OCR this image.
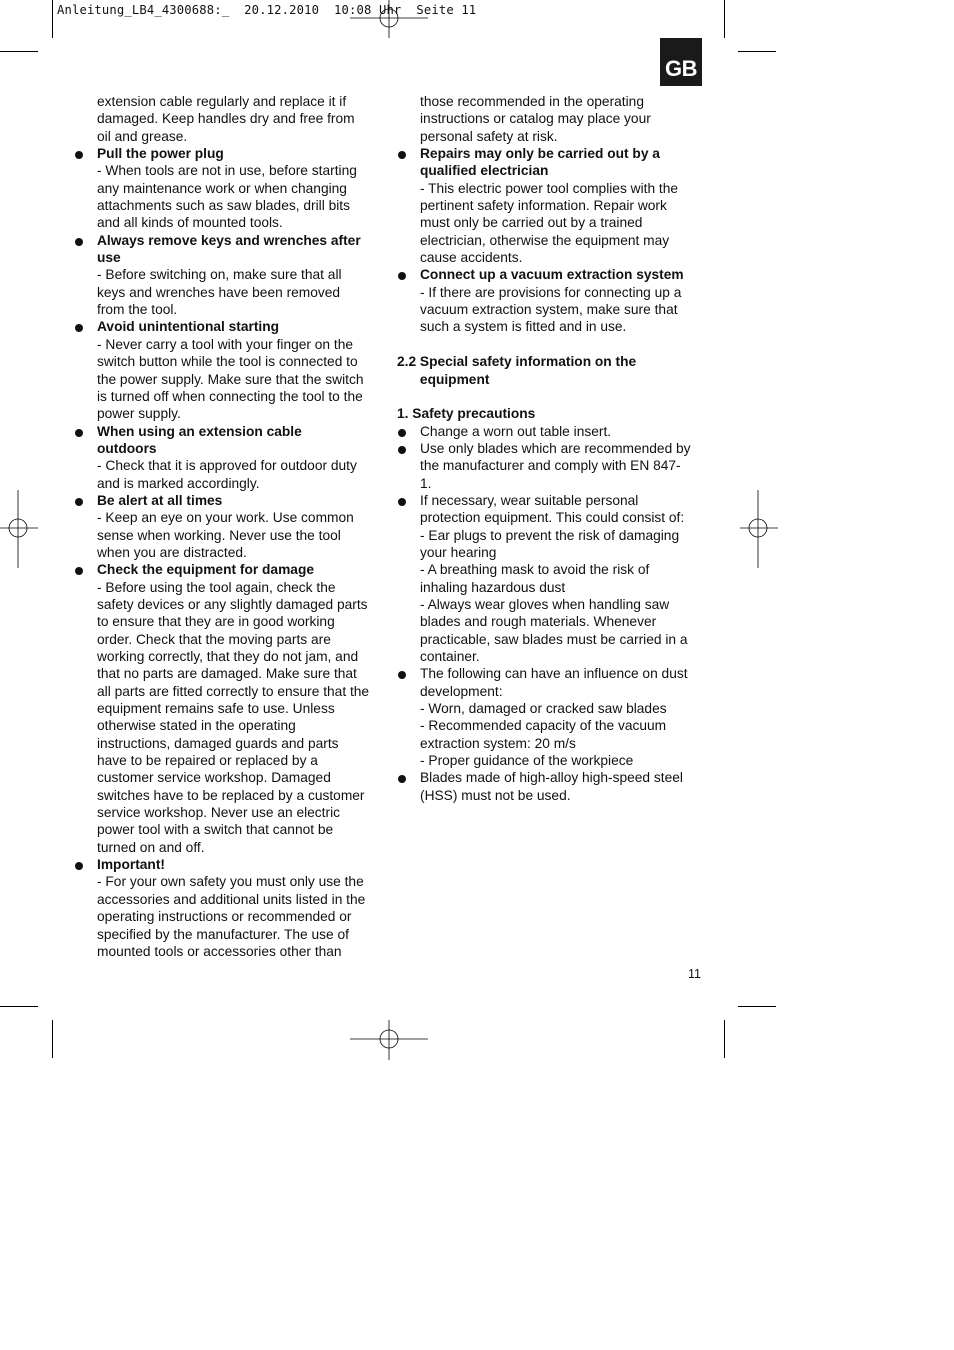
Anleitung_LB4_4300688:_  20.12.2010  10:08 Uhr  Seite 11
GB
extension cable regularly and replace it if
damaged. Keep handles dry and free from
oil and grease.
Pull the power plug
- When tools are not in use, before starting
any maintenance work or when changing
attachments such as saw blades, drill bits
and all kinds of mounted tools.
Always remove keys and wrenches after
use
- Before switching on, make sure that all
keys and wrenches have been removed
from the tool.
Avoid unintentional starting
- Never carry a tool with your finger on the
switch button while the tool is connected to
the power supply. Make sure that the switch
is turned off when connecting the tool to the
power supply.
When using an extension cable
outdoors
- Check that it is approved for outdoor duty
and is marked accordingly.
Be alert at all times
- Keep an eye on your work. Use common
sense when working. Never use the tool
when you are distracted.
Check the equipment for damage
- Before using the tool again, check the
safety devices or any slightly damaged parts
to ensure that they are in good working
order. Check that the moving parts are
working correctly, that they do not jam, and
that no parts are damaged. Make sure that
all parts are fitted correctly to ensure that the
equipment remains safe to use. Unless
otherwise stated in the operating
instructions, damaged guards and parts
have to be repaired or replaced by a
customer service workshop. Damaged
switches have to be replaced by a customer
service workshop. Never use an electric
power tool with a switch that cannot be
turned on and off.
Important!
- For your own safety you must only use the
accessories and additional units listed in the
operating instructions or recommended or
specified by the manufacturer. The use of
mounted tools or accessories other than
those recommended in the operating
instructions or catalog may place your
personal safety at risk.
Repairs may only be carried out by a
qualified electrician
- This electric power tool complies with the
pertinent safety information. Repair work
must only be carried out by a trained
electrician, otherwise the equipment may
cause accidents.
Connect up a vacuum extraction system
- If there are provisions for connecting up a
vacuum extraction system, make sure that
such a system is fitted and in use.
2.2 Special safety information on the
equipment
1. Safety precautions
Change a worn out table insert.
Use only blades which are recommended by
the manufacturer and comply with EN 847-
1.
If necessary, wear suitable personal
protection equipment. This could consist of:
- Ear plugs to prevent the risk of damaging
your hearing
- A breathing mask to avoid the risk of
inhaling hazardous dust
- Always wear gloves when handling saw
blades and rough materials. Whenever
practicable, saw blades must be carried in a
container.
The following can have an influence on dust
development:
- Worn, damaged or cracked saw blades
- Recommended capacity of the vacuum
extraction system: 20 m/s
- Proper guidance of the workpiece
Blades made of high-alloy high-speed steel
(HSS) must not be used.
11
